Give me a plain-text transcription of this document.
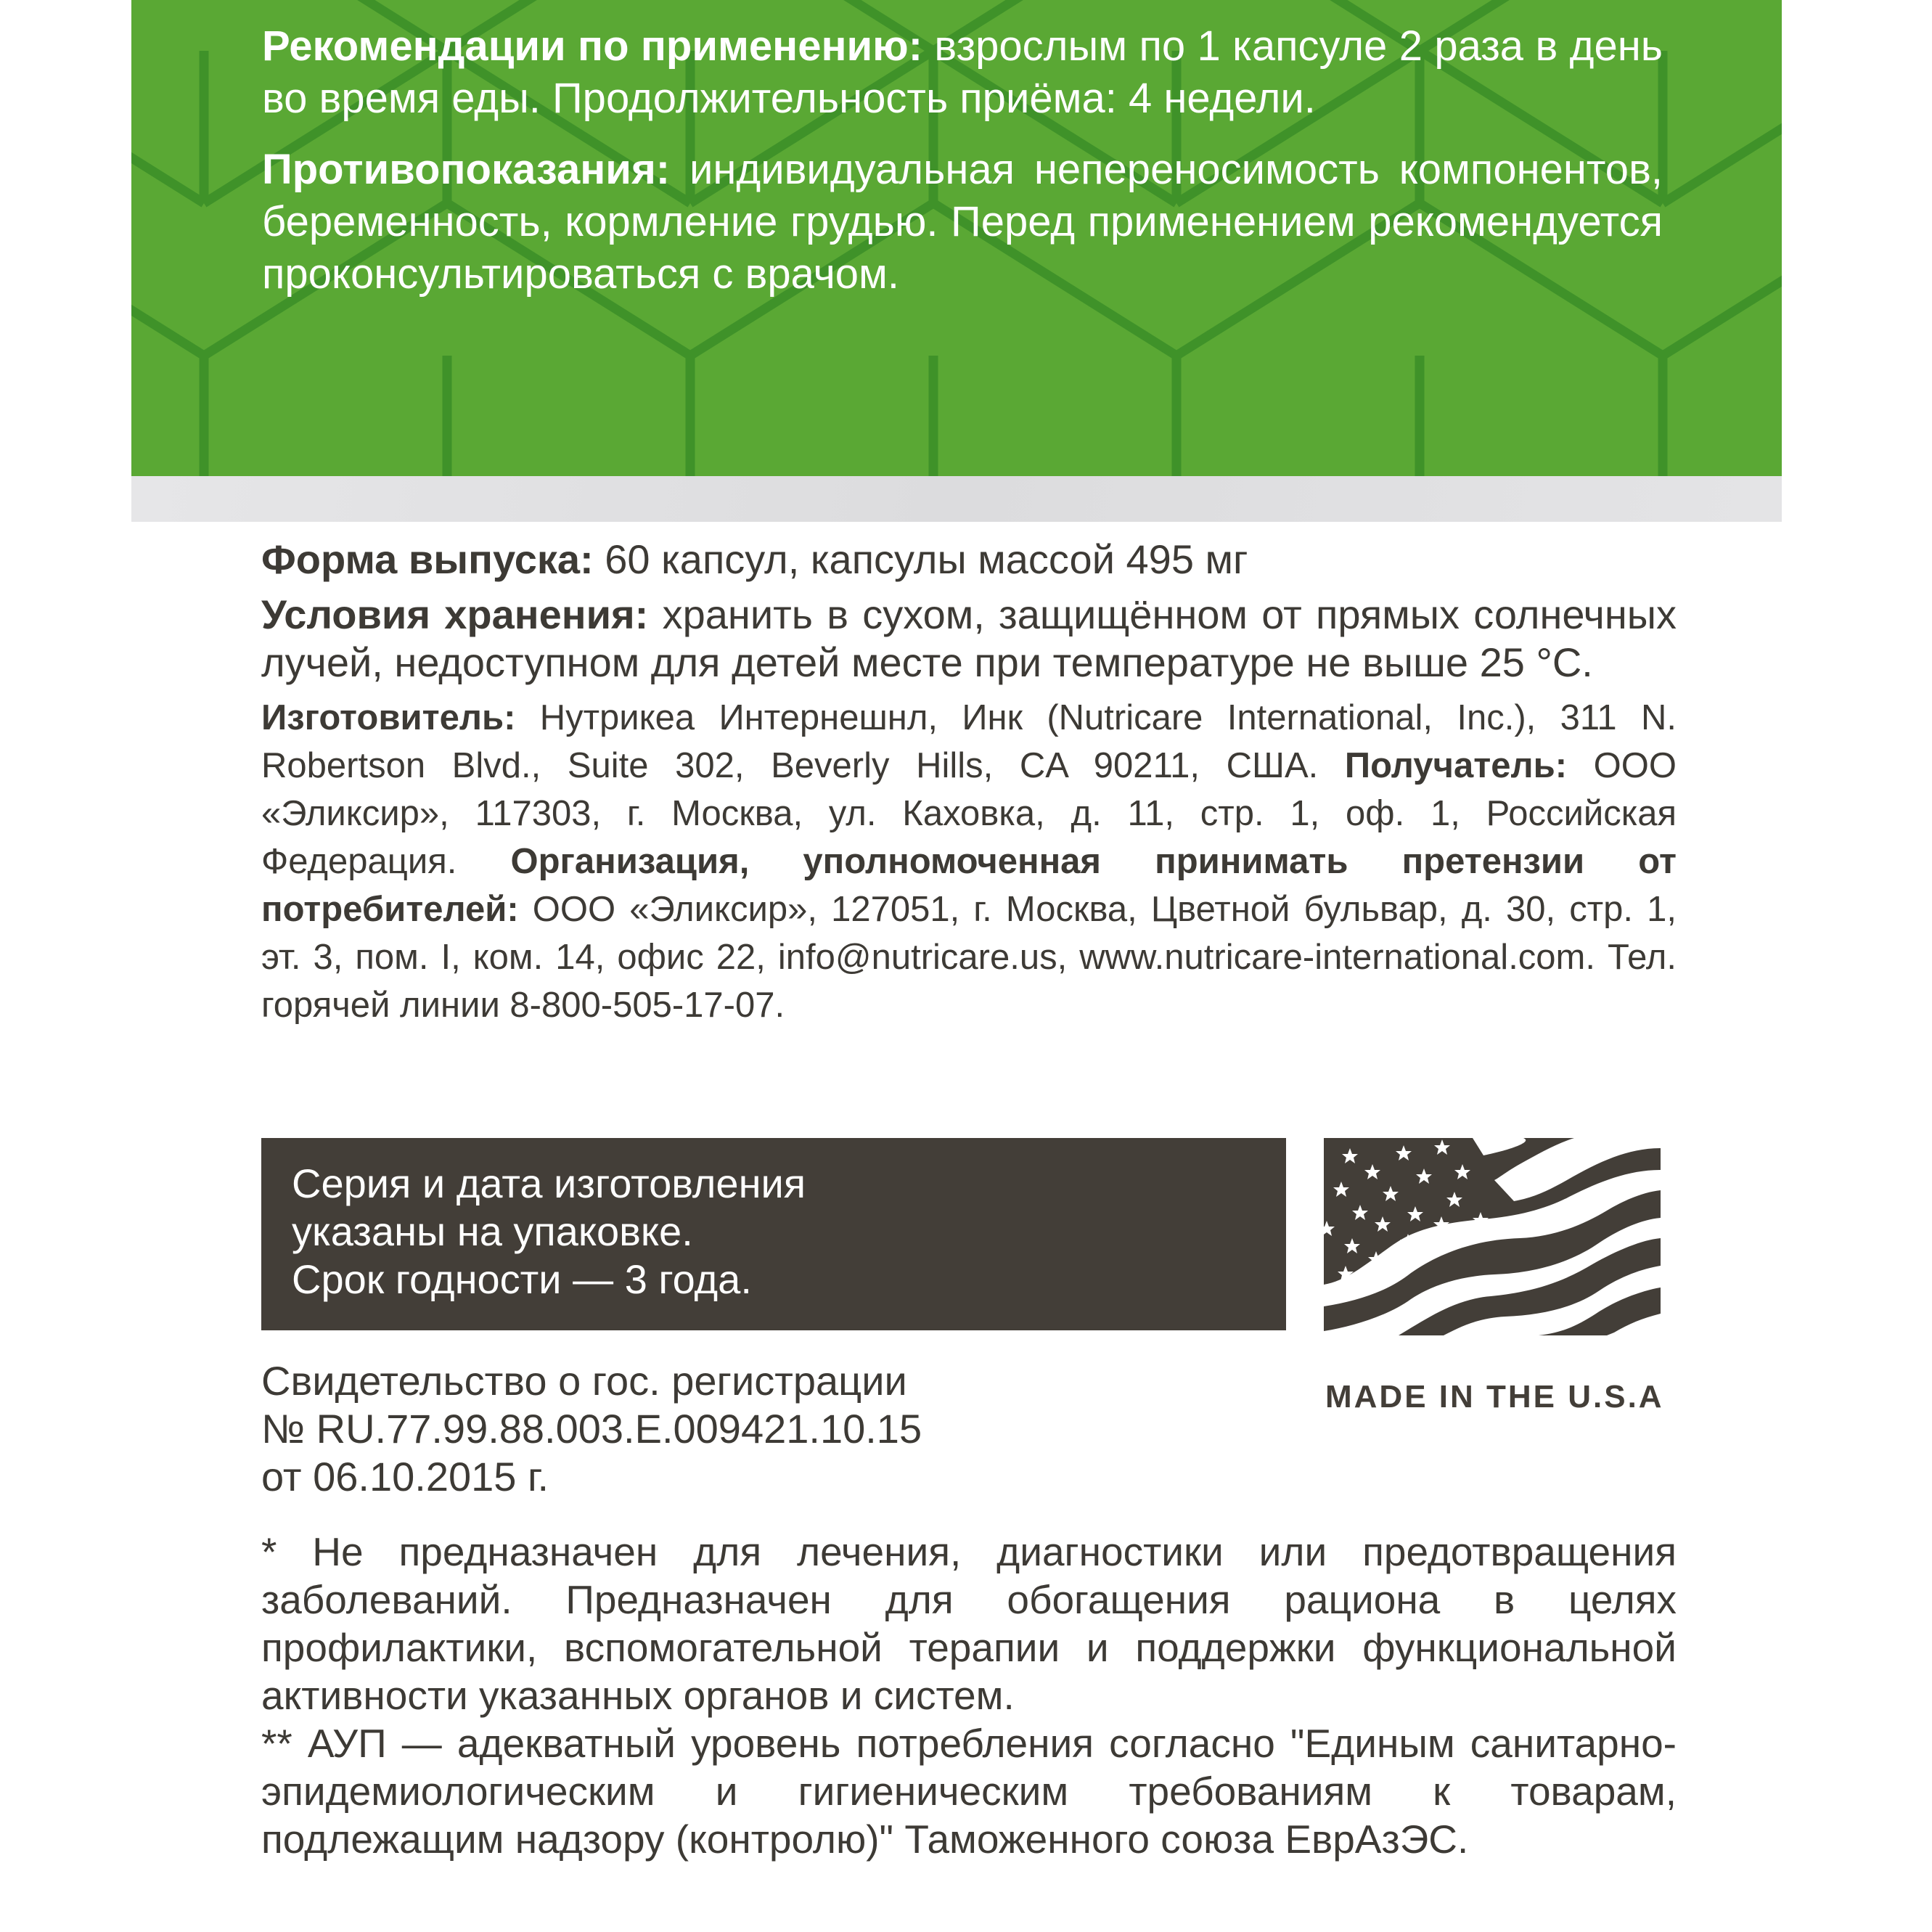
Рекомендации по применению: взрослым по 1 капсуле 2 раза в день во время еды. Продолжительность приёма: 4 недели.

Противопоказания: индивидуальная непереносимость компонентов, беременность, кормление грудью. Перед применением рекомендуется проконсультироваться с врачом.

Форма выпуска: 60 капсул, капсулы массой 495 мг

Условия хранения: хранить в сухом, защищённом от прямых солнечных лучей, недоступном для детей месте при температуре не выше 25 °C.

Изготовитель: Нутрикеа Интернешнл, Инк (Nutricare International, Inc.), 311 N. Robertson Blvd., Suite 302, Beverly Hills, CA 90211, США. Получатель: ООО «Эликсир», 117303, г. Москва, ул. Каховка, д. 11, стр. 1, оф. 1, Российская Федерация. Организация, уполномоченная принимать претензии от потребителей: ООО «Эликсир», 127051, г. Москва, Цветной бульвар, д. 30, стр. 1, эт. 3, пом. I, ком. 14, офис 22, info@nutricare.us, www.nutricare-international.com. Тел. горячей линии 8-800-505-17-07.

Серия и дата изготовления
указаны на упаковке.
Срок годности — 3 года.
MADE IN THE U.S.A
Свидетельство о гос. регистрации
№ RU.77.99.88.003.E.009421.10.15
от 06.10.2015 г.

* Не предназначен для лечения, диагностики или предотвращения заболеваний. Предназначен для обогащения рациона в целях профилактики, вспомогательной терапии и поддержки функциональной активности указанных органов и систем.

** АУП — адекватный уровень потребления согласно "Единым санитарно-эпидемиологическим и гигиеническим требованиям к товарам, подлежащим надзору (контролю)" Таможенного союза ЕврАзЭС.
